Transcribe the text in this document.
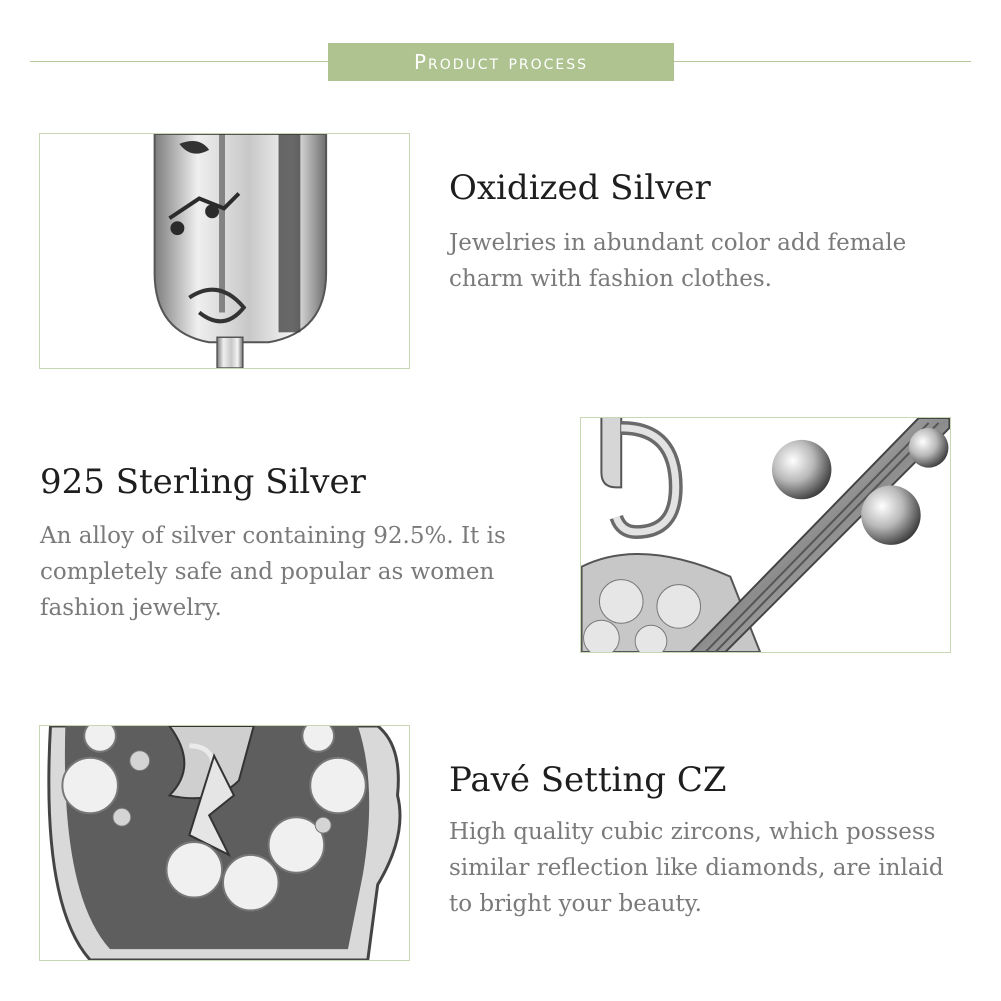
Product process
Oxidized Silver
Jewelries in abundant color add female charm with fashion clothes.
925 Sterling Silver
An alloy of silver containing 92.5%. It is completely safe and popular as women fashion jewelry.
Pavé Setting CZ
High quality cubic zircons, which possess similar reflection like diamonds, are inlaid to bright your beauty.
